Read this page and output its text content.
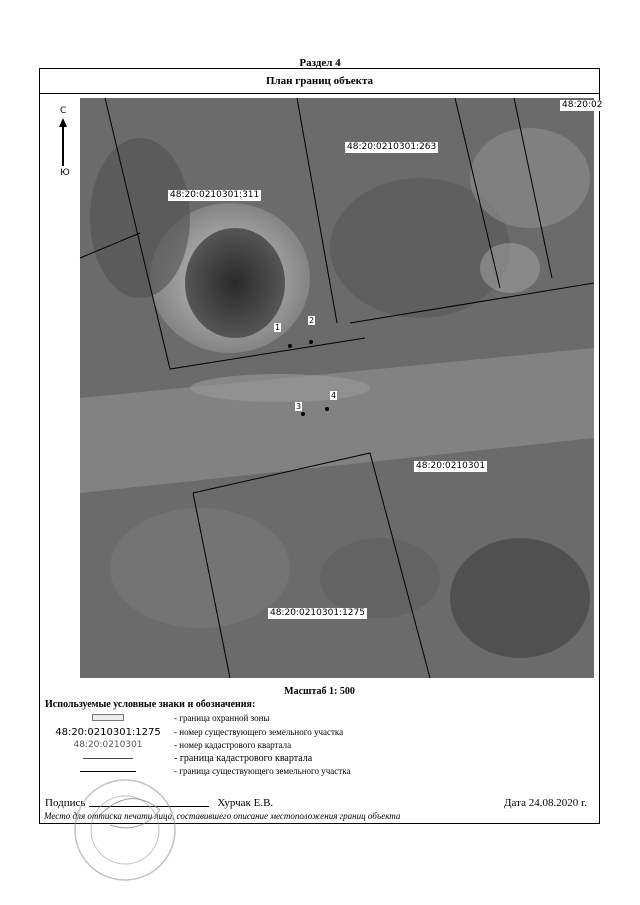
Раздел 4
План границ объекта
48:20:02
48:20:0210301:263
48:20:0210301:311
48:20:0210301
48:20:0210301:1275
1
2
3
4
С
Ю
Масштаб 1: 500
Используемые условные знаки и обозначения:
- граница охранной зоны
48:20:0210301:1275	- номер существующего земельного участка
48:20:0210301	- номер кадастрового квартала
- граница кадастрового квартала
- граница существующего земельного участка
Подпись	Хурчак Е.В.	Дата 24.08.2020 г.
Место для оттиска печати лица, составившего описание местоположения границ объекта
